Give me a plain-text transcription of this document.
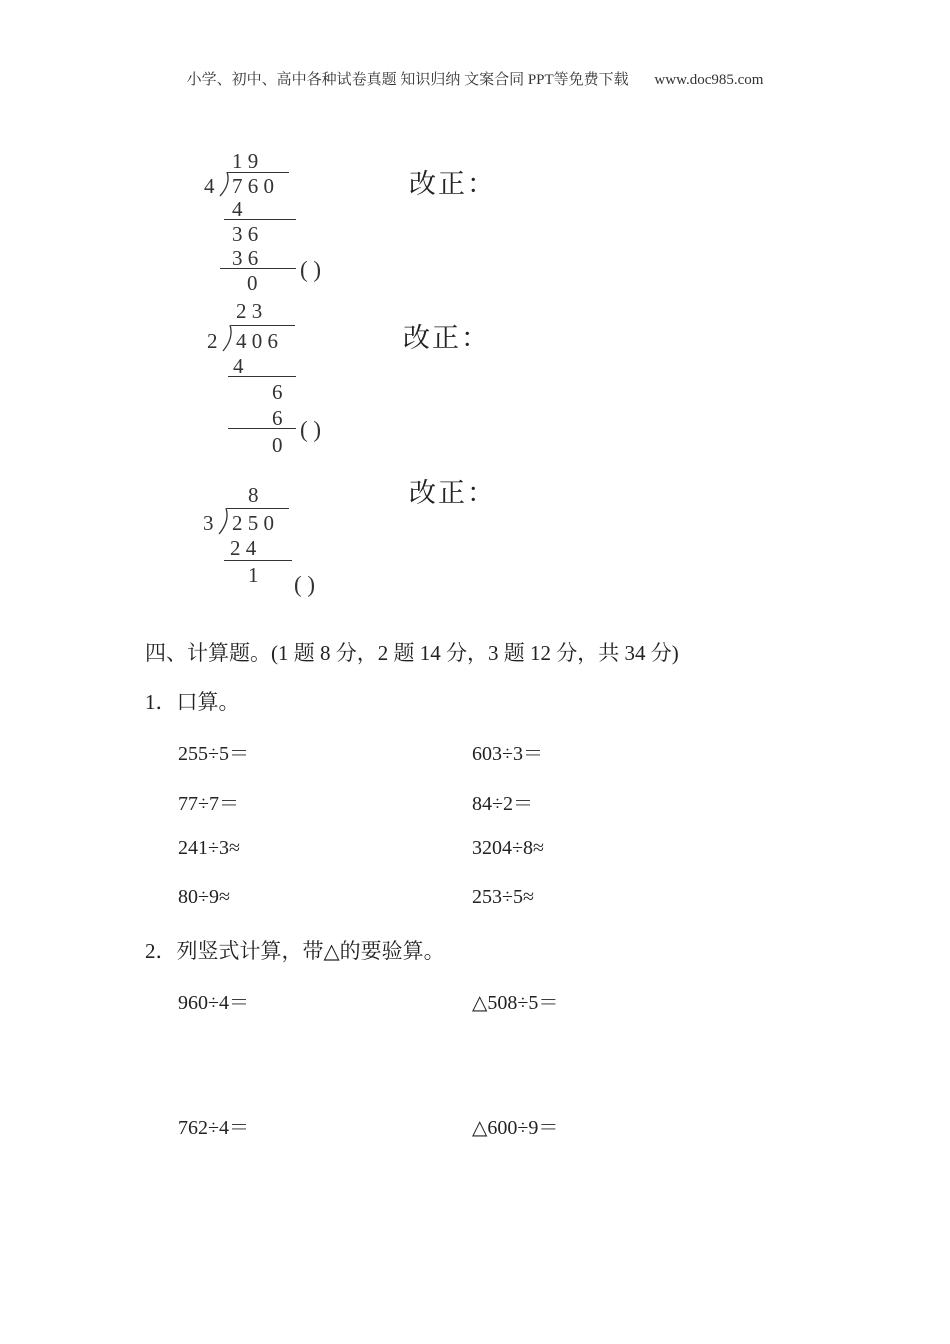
小学、初中、高中各种试卷真题 知识归纳 文案合同 PPT等免费下载 www.doc985.com
1 9
4 7 6 0
4
3 6
3 6
0
( )
改正：
2 3
2 4 0 6
4
6
6
0
( )
改正：
8
3 2 5 0
2 4
1 ( )
改正：
四、计算题。(1 题 8 分，2 题 14 分，3 题 12 分，共 34 分)
1．口算。
255÷5＝	603÷3＝
77÷7＝	84÷2＝
241÷3≈	3204÷8≈
80÷9≈	253÷5≈
2．列竖式计算，带△的要验算。
960÷4＝	△508÷5＝
762÷4＝	△600÷9＝
